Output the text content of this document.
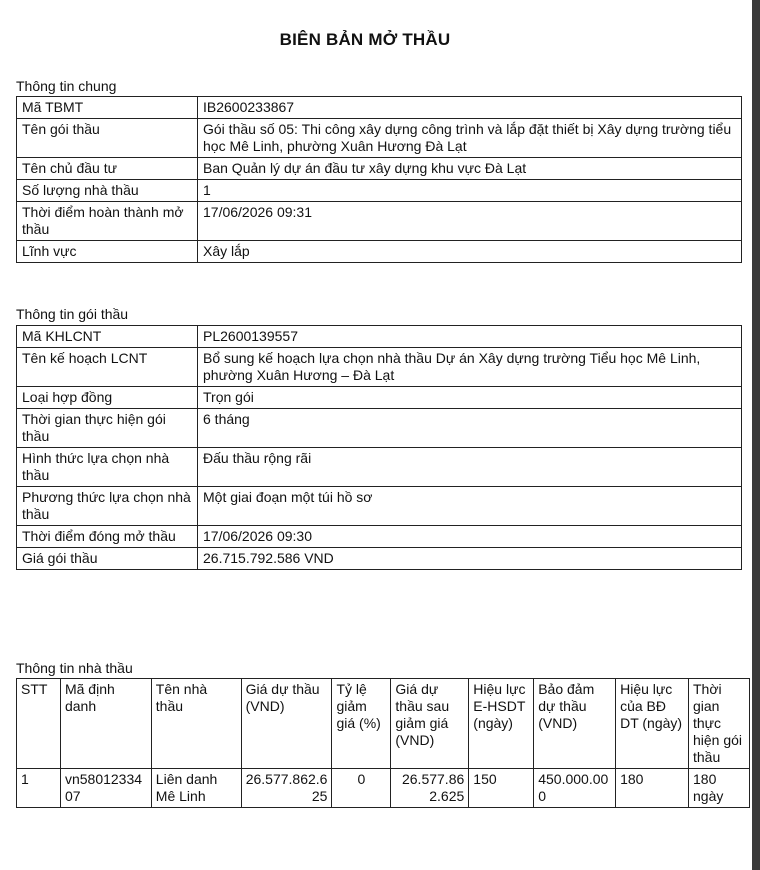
BIÊN BẢN MỞ THẦU
Thông tin chung
Mã TBMT	IB2600233867
Tên gói thầu	Gói thầu số 05: Thi công xây dựng công trình và lắp đặt thiết bị Xây dựng trường tiểu học Mê Linh, phường Xuân Hương Đà Lạt
Tên chủ đầu tư	Ban Quản lý dự án đầu tư xây dựng khu vực Đà Lạt
Số lượng nhà thầu	1
Thời điểm hoàn thành mở thầu	17/06/2026 09:31
Lĩnh vực	Xây lắp
Thông tin gói thầu
Mã KHLCNT	PL2600139557
Tên kế hoạch LCNT	Bổ sung kế hoạch lựa chọn nhà thầu Dự án Xây dựng trường Tiểu học Mê Linh, phường Xuân Hương – Đà Lạt
Loại hợp đồng	Trọn gói
Thời gian thực hiện gói thầu	6 tháng
Hình thức lựa chọn nhà thầu	Đấu thầu rộng rãi
Phương thức lựa chọn nhà thầu	Một giai đoạn một túi hồ sơ
Thời điểm đóng mở thầu	17/06/2026 09:30
Giá gói thầu	26.715.792.586 VND
Thông tin nhà thầu
STT	Mã định danh	Tên nhà thầu	Giá dự thầu (VND)	Tỷ lệ giảm giá (%)	Giá dự thầu sau giảm giá (VND)	Hiệu lực E-HSDT (ngày)	Bảo đảm dự thầu (VND)	Hiệu lực của BĐ DT (ngày)	Thời gian thực hiện gói thầu
1	vn5801233407	Liên danh Mê Linh	26.577.862.625	0	26.577.862.625	150	450.000.000	180	180 ngày
